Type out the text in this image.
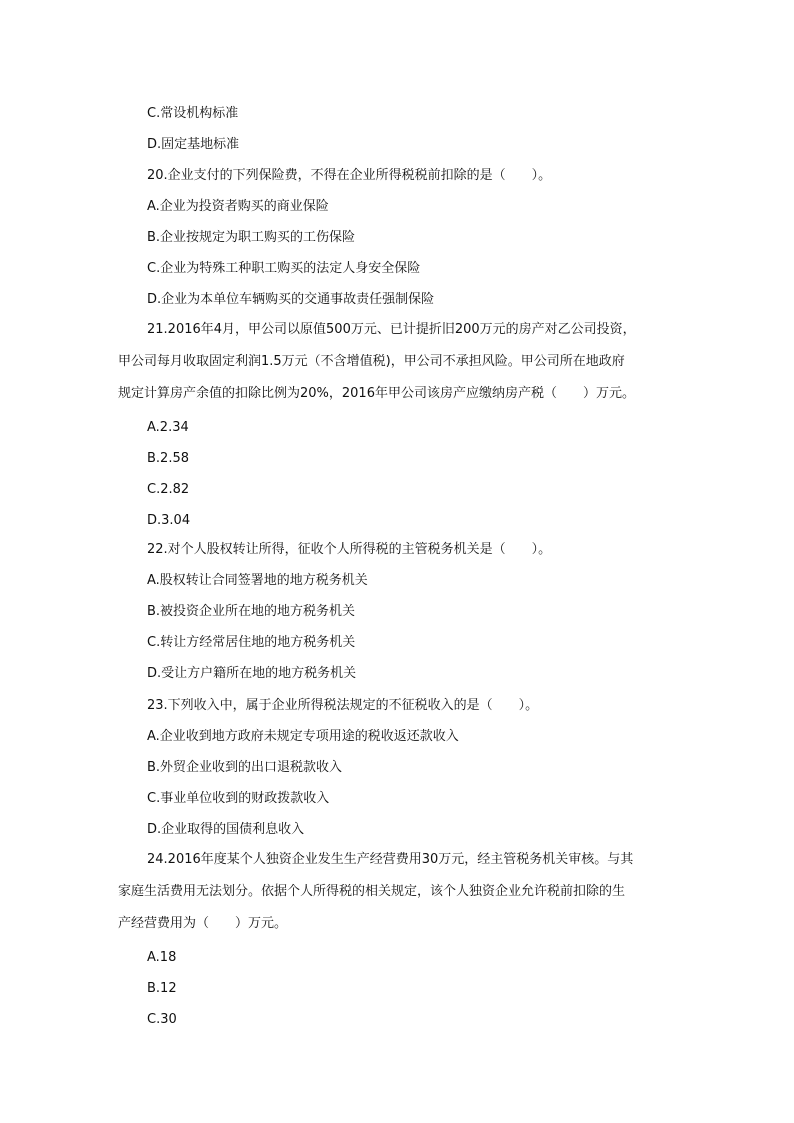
C.常设机构标准
D.固定基地标准
20.企业支付的下列保险费，不得在企业所得税税前扣除的是（　　）。
A.企业为投资者购买的商业保险
B.企业按规定为职工购买的工伤保险
C.企业为特殊工种职工购买的法定人身安全保险
D.企业为本单位车辆购买的交通事故责任强制保险

21.2016年4月，甲公司以原值500万元、已计提折旧200万元的房产对乙公司投资，

甲公司每月收取固定利润1.5万元（不含增值税)，甲公司不承担风险。甲公司所在地政府

规定计算房产余值的扣除比例为20%，2016年甲公司该房产应缴纳房产税（　　）万元。

A.2.34
B.2.58
C.2.82
D.3.04
22.对个人股权转让所得，征收个人所得税的主管税务机关是（　　）。
A.股权转让合同签署地的地方税务机关
B.被投资企业所在地的地方税务机关
C.转让方经常居住地的地方税务机关
D.受让方户籍所在地的地方税务机关
23.下列收入中，属于企业所得税法规定的不征税收入的是（　　）。
A.企业收到地方政府未规定专项用途的税收返还款收入
B.外贸企业收到的出口退税款收入
C.事业单位收到的财政拨款收入
D.企业取得的国债利息收入

24.2016年度某个人独资企业发生生产经营费用30万元，经主管税务机关审核。与其

家庭生活费用无法划分。依据个人所得税的相关规定，该个人独资企业允许税前扣除的生

产经营费用为（　　）万元。

A.18
B.12
C.30
